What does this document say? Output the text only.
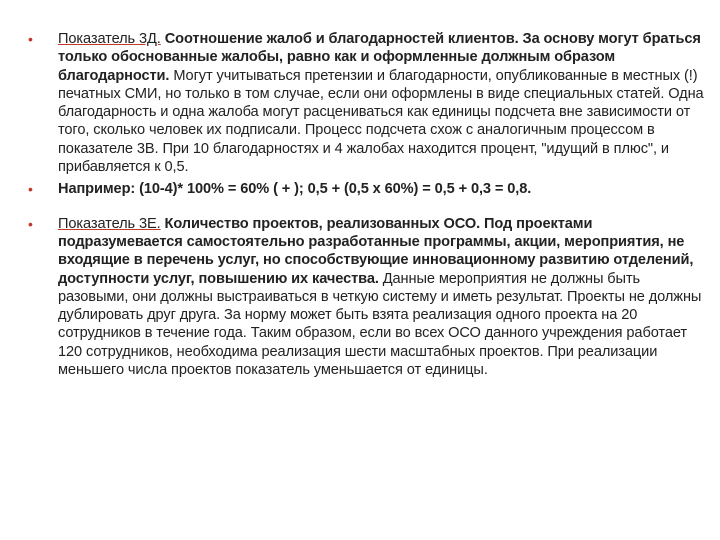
• Показатель 3Д. Соотношение жалоб и благодарностей клиентов. За основу могут браться только обоснованные жалобы, равно как и оформленные должным образом благодарности. Могут учитываться претензии и благодарности, опубликованные в местных (!) печатных СМИ, но только в том случае, если они оформлены в виде специальных статей. Одна благодарность и одна жалоба могут расцениваться как единицы подсчета вне зависимости от того, сколько человек их подписали. Процесс подсчета схож с аналогичным процессом в показателе 3В. При 10 благодарностях и 4 жалобах находится процент, "идущий в плюс", и прибавляется к 0,5.
• Например: (10-4)* 100% = 60% ( + ); 0,5 + (0,5 х 60%) = 0,5 + 0,3 = 0,8.
• Показатель 3Е. Количество проектов, реализованных ОСО. Под проектами подразумевается самостоятельно разработанные программы, акции, мероприятия, не входящие в перечень услуг, но способствующие инновационному развитию отделений, доступности услуг, повышению их качества. Данные мероприятия не должны быть разовыми, они должны выстраиваться в четкую систему и иметь результат. Проекты не должны дублировать друг друга. За норму может быть взята реализация одного проекта на 20 сотрудников в течение года. Таким образом, если во всех ОСО данного учреждения работает 120 сотрудников, необходима реализация шести масштабных проектов. При реализации меньшего числа проектов показатель уменьшается от единицы.
